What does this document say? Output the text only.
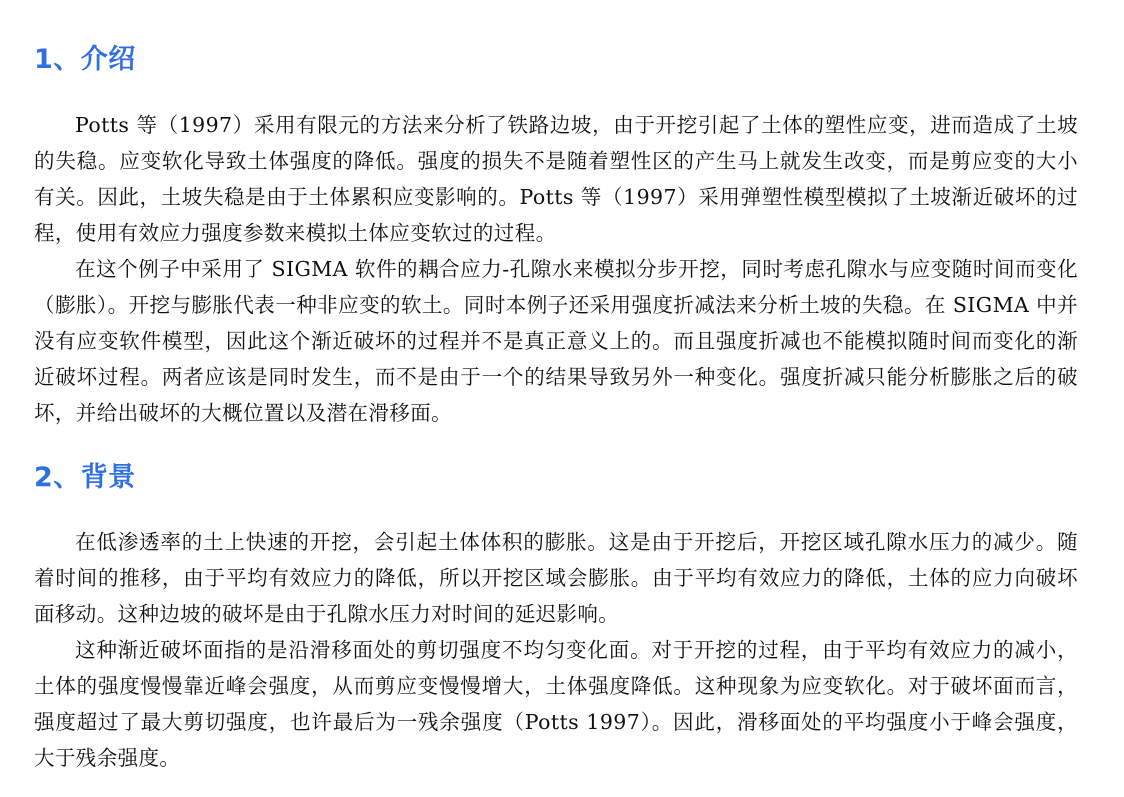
1、介绍

Potts 等（1997）采用有限元的方法来分析了铁路边坡，由于开挖引起了土体的塑性应变，进而造成了土坡的失稳。应变软化导致土体强度的降低。强度的损失不是随着塑性区的产生马上就发生改变，而是剪应变的大小有关。因此，土坡失稳是由于土体累积应变影响的。Potts 等（1997）采用弹塑性模型模拟了土坡渐近破坏的过程，使用有效应力强度参数来模拟土体应变软过的过程。

在这个例子中采用了 SIGMA 软件的耦合应力-孔隙水来模拟分步开挖，同时考虑孔隙水与应变随时间而变化（膨胀）。开挖与膨胀代表一种非应变的软土。同时本例子还采用强度折减法来分析土坡的失稳。在 SIGMA 中并没有应变软件模型，因此这个渐近破坏的过程并不是真正意义上的。而且强度折减也不能模拟随时间而变化的渐近破坏过程。两者应该是同时发生，而不是由于一个的结果导致另外一种变化。强度折减只能分析膨胀之后的破坏，并给出破坏的大概位置以及潜在滑移面。

2、背景

在低渗透率的土上快速的开挖，会引起土体体积的膨胀。这是由于开挖后，开挖区域孔隙水压力的减少。随着时间的推移，由于平均有效应力的降低，所以开挖区域会膨胀。由于平均有效应力的降低，土体的应力向破坏面移动。这种边坡的破坏是由于孔隙水压力对时间的延迟影响。

这种渐近破坏面指的是沿滑移面处的剪切强度不均匀变化面。对于开挖的过程，由于平均有效应力的减小，土体的强度慢慢靠近峰会强度，从而剪应变慢慢增大，土体强度降低。这种现象为应变软化。对于破坏面而言，强度超过了最大剪切强度，也许最后为一残余强度（Potts 1997）。因此，滑移面处的平均强度小于峰会强度，大于残余强度。
